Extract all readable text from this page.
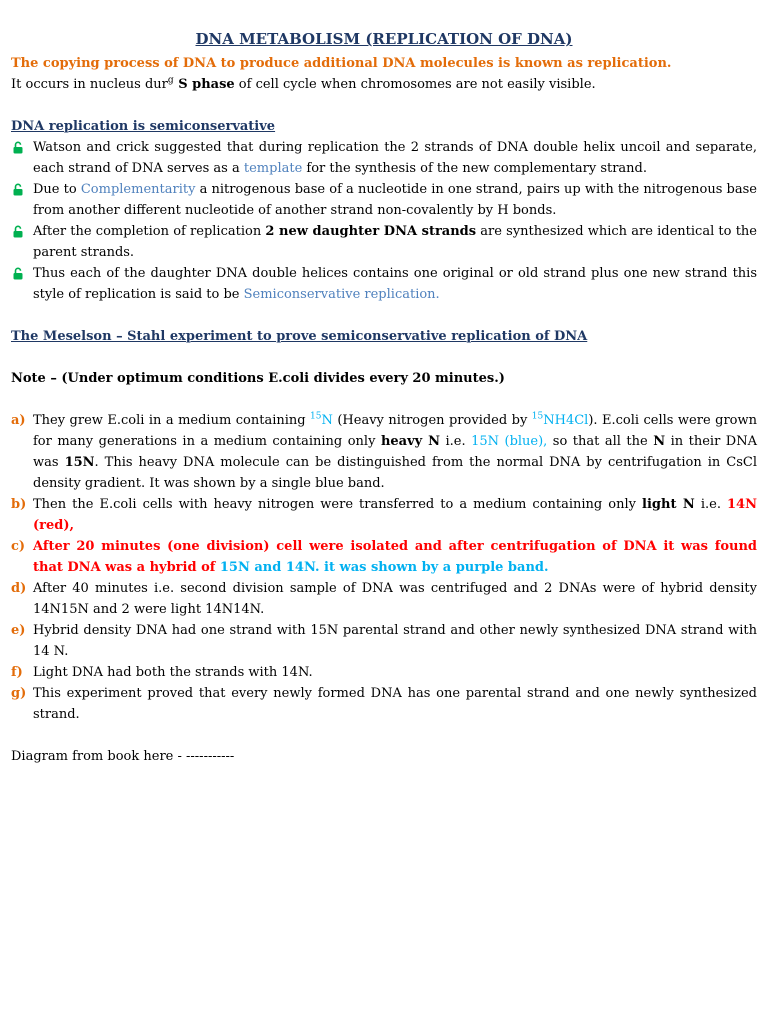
DNA METABOLISM (REPLICATION OF DNA)

The copying process of DNA to produce additional DNA molecules is known as replication.

It occurs in nucleus dur$^g$ S phase of cell cycle when chromosomes are not easily visible.

DNA replication is semiconservative

Watson and crick suggested that during replication the 2 strands of DNA double helix uncoil and separate, each strand of DNA serves as a template for the synthesis of the new complementary strand.
Due to Complementarity a nitrogenous base of a nucleotide in one strand, pairs up with the nitrogenous base from another different nucleotide of another strand non-covalently by H bonds.
After the completion of replication 2 new daughter DNA strands are synthesized which are identical to the parent strands.
Thus each of the daughter DNA double helices contains one original or old strand plus one new strand this style of replication is said to be Semiconservative replication.

The Meselson – Stahl experiment to prove semiconservative replication of DNA

Note – (Under optimum conditions E.coli divides every 20 minutes.)

a) They grew E.coli in a medium containing $^{15}$N (Heavy nitrogen provided by $^{15}$NH4Cl). E.coli cells were grown for many generations in a medium containing only heavy N i.e. 15N (blue), so that all the N in their DNA was 15N. This heavy DNA molecule can be distinguished from the normal DNA by centrifugation in CsCl density gradient. It was shown by a single blue band.
b) Then the E.coli cells with heavy nitrogen were transferred to a medium containing only light N i.e. 14N (red),
c) After 20 minutes (one division) cell were isolated and after centrifugation of DNA it was found that DNA was a hybrid of 15N and 14N. it was shown by a purple band.
d) After 40 minutes i.e. second division sample of DNA was centrifuged and 2 DNAs were of hybrid density 14N15N and 2 were light 14N14N.
e) Hybrid density DNA had one strand with 15N parental strand and other newly synthesized DNA strand with 14 N.
f) Light DNA had both the strands with 14N.
g) This experiment proved that every newly formed DNA has one parental strand and one newly synthesized strand.

Diagram from book here - -----------
